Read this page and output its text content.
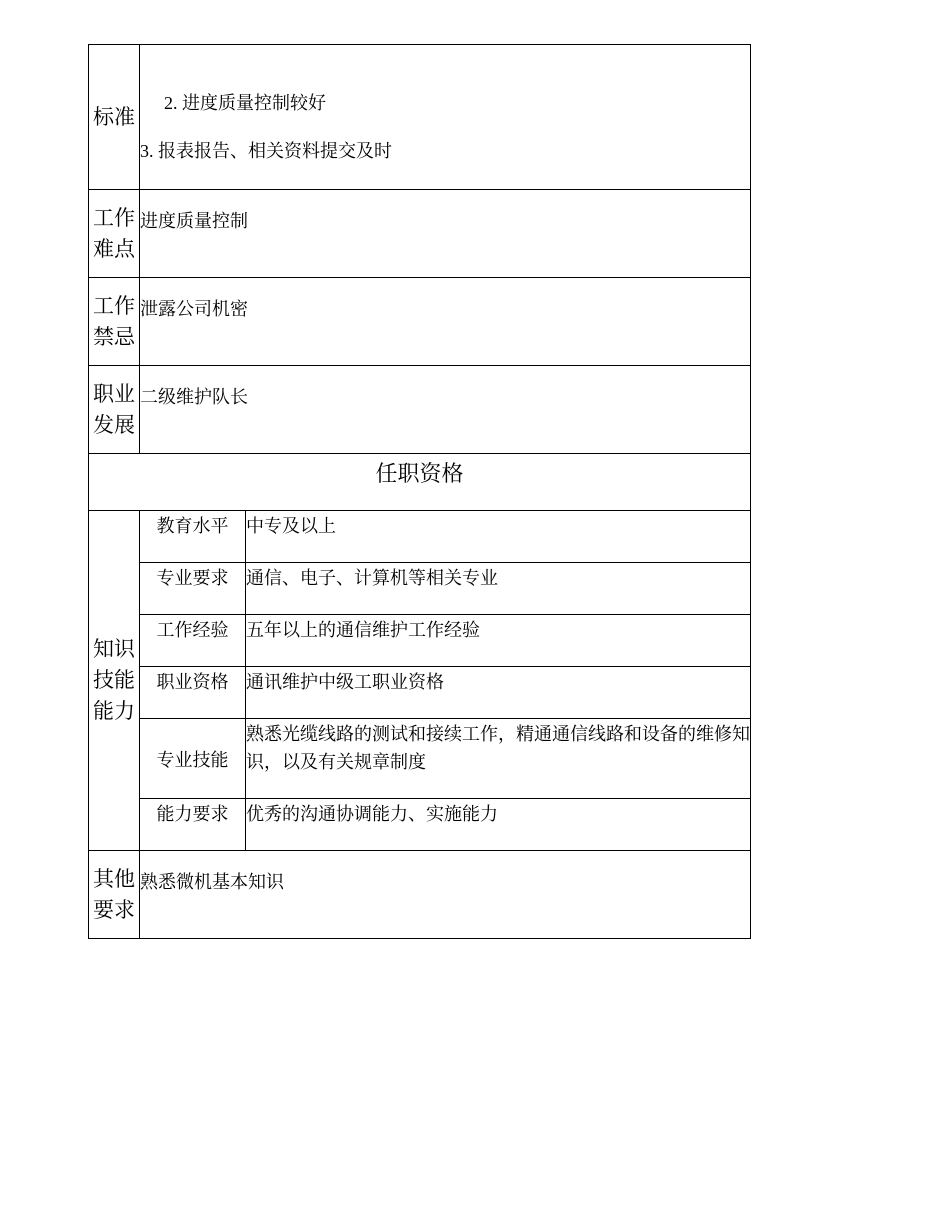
标准	2. 进度质量控制较好
3. 报表报告、相关资料提交及时	

工作难点	进度质量控制	
工作禁忌	泄露公司机密	
职业发展	二级维护队长	
任职资格		
知识技能能力	教育水平	中专及以上
	专业要求	通信、电子、计算机等相关专业
	工作经验	五年以上的通信维护工作经验
	职业资格	通讯维护中级工职业资格
	专业技能	熟悉光缆线路的测试和接续工作，精通通信线路和设备的维修知识，以及有关规章制度
	能力要求	优秀的沟通协调能力、实施能力
其他要求	熟悉微机基本知识	
